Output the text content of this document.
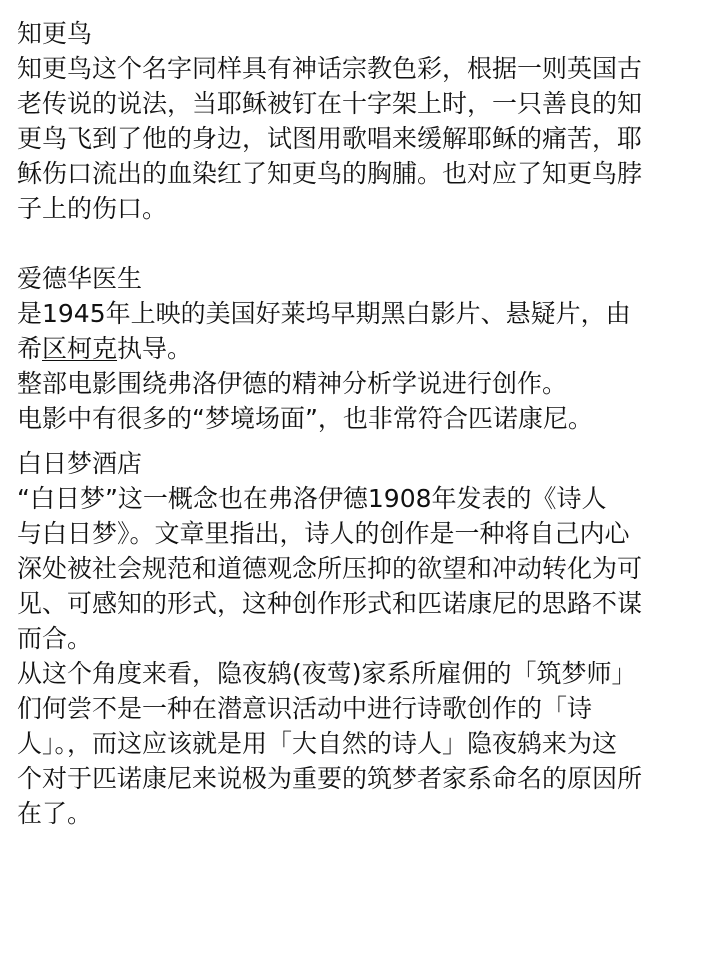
知更鸟

知更鸟这个名字同样具有神话宗教色彩，根据一则英国古

老传说的说法，当耶稣被钉在十字架上时，一只善良的知

更鸟飞到了他的身边，试图用歌唱来缓解耶稣的痛苦，耶

稣伤口流出的血染红了知更鸟的胸脯。也对应了知更鸟脖

子上的伤口。

爱德华医生

是1945年上映的美国好莱坞早期黑白影片、悬疑片，由

希区柯克执导。

整部电影围绕弗洛伊德的精神分析学说进行创作。

电影中有很多的“梦境场面”，也非常符合匹诺康尼。

白日梦酒店

“白日梦”这一概念也在弗洛伊德1908年发表的《诗人

与白日梦》。文章里指出，诗人的创作是一种将自己内心

深处被社会规范和道德观念所压抑的欲望和冲动转化为可

见、可感知的形式，这种创作形式和匹诺康尼的思路不谋

而合。

从这个角度来看，隐夜鸫(夜莺)家系所雇佣的「筑梦师」

们何尝不是一种在潜意识活动中进行诗歌创作的「诗

人」。，而这应该就是用「大自然的诗人」隐夜鸫来为这

个对于匹诺康尼来说极为重要的筑梦者家系命名的原因所

在了。
